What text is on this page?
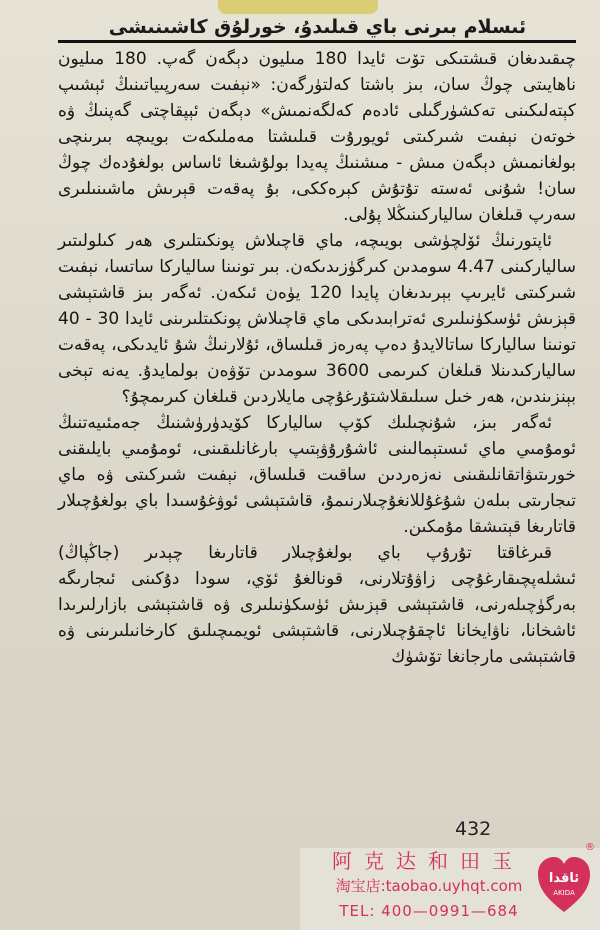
ئىسلام بىرنى باي قىلىدۇ، خورلۇق كاشىنىشى

چىقىدىغان قىشتىكى تۆت ئايدا 180 مىليون دېگەن گەپ. 180 مىليون ناھايىتى چوڭ سان، بىز باشتا كەلتۈرگەن: «نېفىت سەرپىياتىنىڭ ئېشىپ كېتەلىكىنى تەكشۈرگىلى ئادەم كەلگەنمىش» دېگەن ئېپقاچتى گەپنىڭ ۋە خوتەن نېفىت شىركىتى ئويورۇت قىلىشتا مەملىكەت بويىچە بىرىنچى بولغانمىش دېگەن مىش - مىشنىڭ پەيدا بولۇشىغا ئاساس بولغۇدەك چوڭ سان! شۇنى ئەستە تۇتۇش كېرەككى، بۇ پەقەت قېرىش ماشىنىلىرى سەرپ قىلغان سالياركىنىڭلا پۇلى.

ئاپتورنىڭ ئۆلچۈشى بويىچە، ماي قاچىلاش پونكىتلىرى ھەر كىلولىتىر سالياركىنى 4.47 سومدىن كىرگۈزىدىكەن. بىر تونىنا سالياركا ساتسا، نېفىت شىركىتى ئايرىپ بېرىدىغان پايدا 120 يۈەن ئىكەن. ئەگەر بىز قاشتېشى قېزىش ئۈسكۈنىلىرى ئەترابىدىكى ماي قاچىلاش پونكىتلىرىنى ئايدا 30 - 40 تونىنا سالياركا ساتالايدۇ دەپ پەرەز قىلساق، ئۇلارنىڭ شۇ ئايدىكى، پەقەت سالياركىدىنلا قىلغان كىرىمى 3600 سومدىن تۆۋەن بولمايدۇ. يەنە تېخى بېنزىندىن، ھەر خىل سىلىقلاشتۇرغۇچى مايلاردىن قىلغان كىرىمچۇ؟

ئەگەر بىز، شۇنچىلىك كۆپ سالياركا كۆيدۈرۈشنىڭ جەمئىيەتنىڭ ئومۇمىي ماي ئىستېمالىنى ئاشۇرۇۋېتىپ بارغانلىقىنى، ئومۇمىي بايلىقنى خورىتىۋاتقانلىقىنى نەزەردىن ساقىت قىلساق، نېفىت شىركىتى ۋە ماي تىجارىتى بىلەن شۇغۇللانغۇچىلارنىمۇ، قاشتېشى ئوۋغۇسىدا باي بولغۇچىلار قاتارىغا قېتىشقا مۇمكىن.

قىرغاقتا تۇرۇپ باي بولغۇچىلار قاتارىغا چېدىر (جاڭپاڭ) ئىشلەپچىقارغۇچى زاۋۇتلارنى، قونالغۇ ئۆي، سودا دۇكىنى ئىجارىگە بەرگۈچىلەرنى، قاشتېشى قېزىش ئۈسكۈنىلىرى ۋە قاشتېشى بازارلىرىدا ئاشخانا، ناۋايخانا ئاچقۇچىلارنى، قاشتېشى ئويمىچىلىق كارخانىلىرىنى ۋە قاشتېشى مارجانغا تۆشۈك

432
阿克达和田玉
淘宝店:taobao.uyhqt.com
TEL: 400—0991—684
ئاقدا
AKIDA
®
